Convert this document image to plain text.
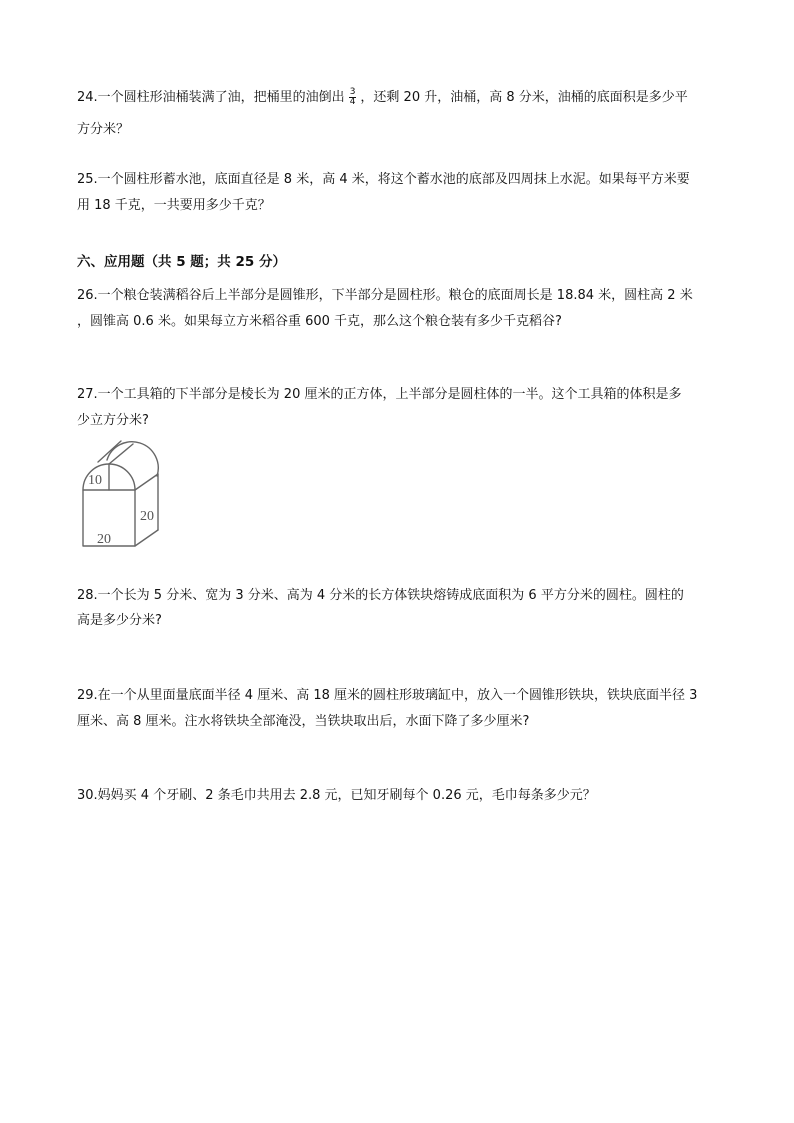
24.一个圆柱形油桶装满了油，把桶里的油倒出 $\frac{3}{4}$ ，还剩 20 升，油桶，高 8 分米，油桶的底面积是多少平
方分米？
25.一个圆柱形蓄水池，底面直径是 8 米，高 4 米，将这个蓄水池的底部及四周抹上水泥。如果每平方米要
用 18 千克，一共要用多少千克？
六、应用题（共 5 题；共 25 分）
26.一个粮仓装满稻谷后上半部分是圆锥形，下半部分是圆柱形。粮仓的底面周长是 18.84 米，圆柱高 2 米
，圆锥高 0.6 米。如果每立方米稻谷重 600 千克，那么这个粮仓装有多少千克稻谷?
27.一个工具箱的下半部分是棱长为 20 厘米的正方体，上半部分是圆柱体的一半。这个工具箱的体积是多
少立方分米?
10
20
20
28.一个长为 5 分米、宽为 3 分米、高为 4 分米的长方体铁块熔铸成底面积为 6 平方分米的圆柱。圆柱的
高是多少分米?
29.在一个从里面量底面半径 4 厘米、高 18 厘米的圆柱形玻璃缸中，放入一个圆锥形铁块，铁块底面半径 3
厘米、高 8 厘米。注水将铁块全部淹没，当铁块取出后，水面下降了多少厘米?
30.妈妈买 4 个牙刷、2 条毛巾共用去 2.8 元，已知牙刷每个 0.26 元，毛巾每条多少元？
